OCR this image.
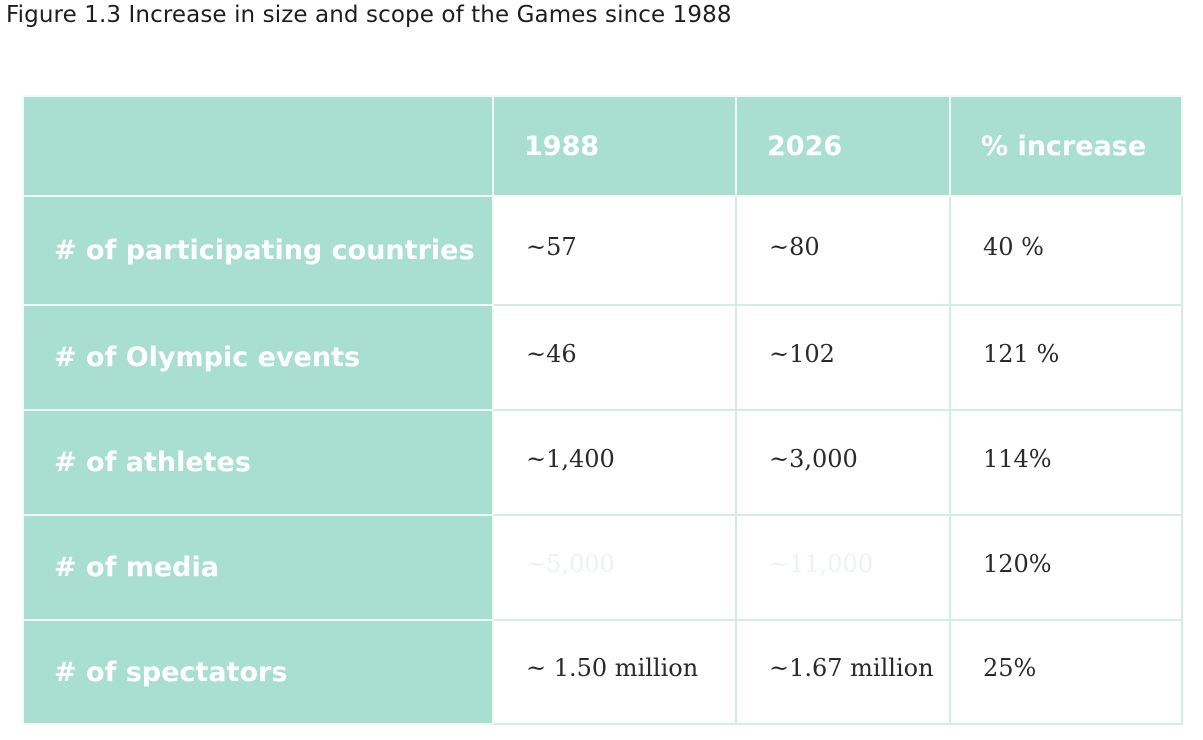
Figure 1.3 Increase in size and scope of the Games since 1988
	1988	2026	% increase
# of participating countries	~57	~80	40 %
# of Olympic events	~46	~102	121 %
# of athletes	~1,400	~3,000	114%
# of media	~5,000	~11,000	120%
# of spectators	~ 1.50 million	~1.67 million	25%
